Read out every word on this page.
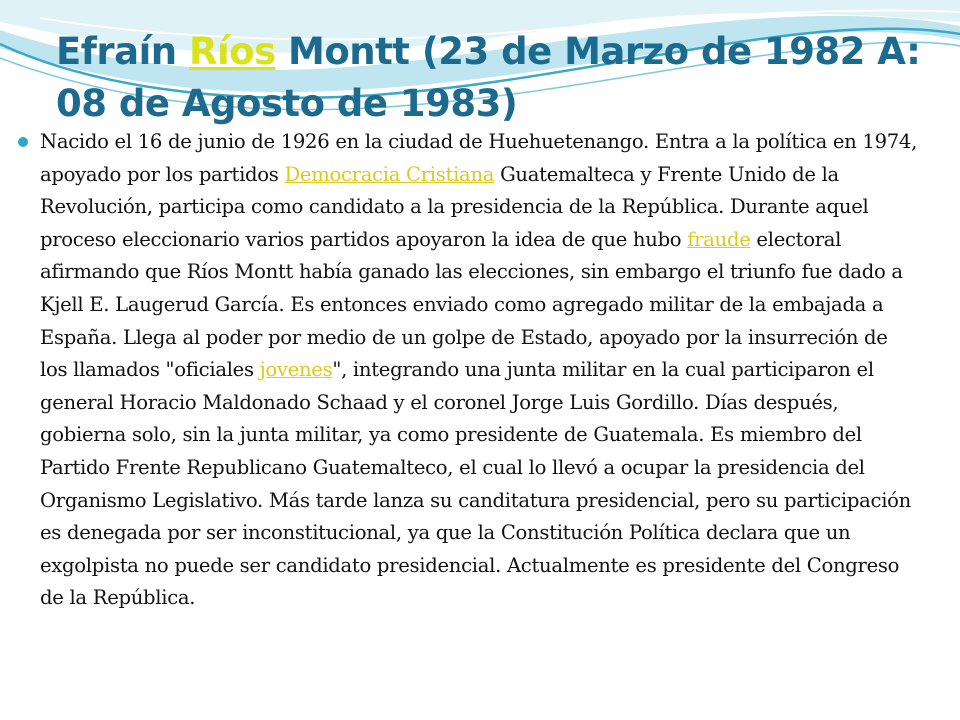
Efraín Ríos Montt (23 de Marzo de 1982 A: 08 de Agosto de 1983)
Nacido el 16 de junio de 1926 en la ciudad de Huehuetenango. Entra a la política en 1974, apoyado por los partidos Democracia Cristiana Guatemalteca y Frente Unido de la Revolución, participa como candidato a la presidencia de la República. Durante aquel proceso eleccionario varios partidos apoyaron la idea de que hubo fraude electoral afirmando que Ríos Montt había ganado las elecciones, sin embargo el triunfo fue dado a Kjell E. Laugerud García. Es entonces enviado como agregado militar de la embajada a España. Llega al poder por medio de un golpe de Estado, apoyado por la insurreción de los llamados "oficiales jovenes", integrando una junta militar en la cual participaron el general Horacio Maldonado Schaad y el coronel Jorge Luis Gordillo. Días después, gobierna solo, sin la junta militar, ya como presidente de Guatemala. Es miembro del Partido Frente Republicano Guatemalteco, el cual lo llevó a ocupar la presidencia del Organismo Legislativo. Más tarde lanza su canditatura presidencial, pero su participación es denegada por ser inconstitucional, ya que la Constitución Política declara que un exgolpista no puede ser candidato presidencial. Actualmente es presidente del Congreso de la República.
